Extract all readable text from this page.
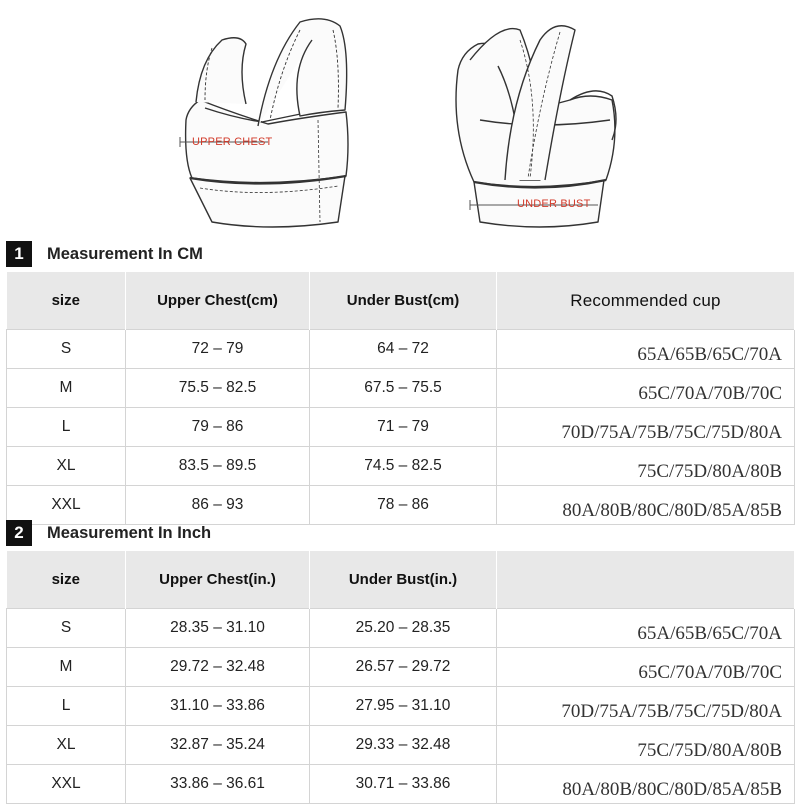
UPPER CHEST
UNDER BUST
1	Measurement In CM
size	Upper Chest(cm)	Under Bust(cm)	Recommended cup
S	72 – 79	64 – 72	65A/65B/65C/70A
M	75.5 – 82.5	67.5 – 75.5	65C/70A/70B/70C
L	79 – 86	71 – 79	70D/75A/75B/75C/75D/80A
XL	83.5 – 89.5	74.5 – 82.5	75C/75D/80A/80B
XXL	86 – 93	78 – 86	80A/80B/80C/80D/85A/85B
2	Measurement In Inch
size	Upper Chest(in.)	Under Bust(in.)	
S	28.35 – 31.10	25.20 – 28.35	65A/65B/65C/70A
M	29.72 – 32.48	26.57 – 29.72	65C/70A/70B/70C
L	31.10 – 33.86	27.95 – 31.10	70D/75A/75B/75C/75D/80A
XL	32.87 – 35.24	29.33 – 32.48	75C/75D/80A/80B
XXL	33.86 – 36.61	30.71 – 33.86	80A/80B/80C/80D/85A/85B
